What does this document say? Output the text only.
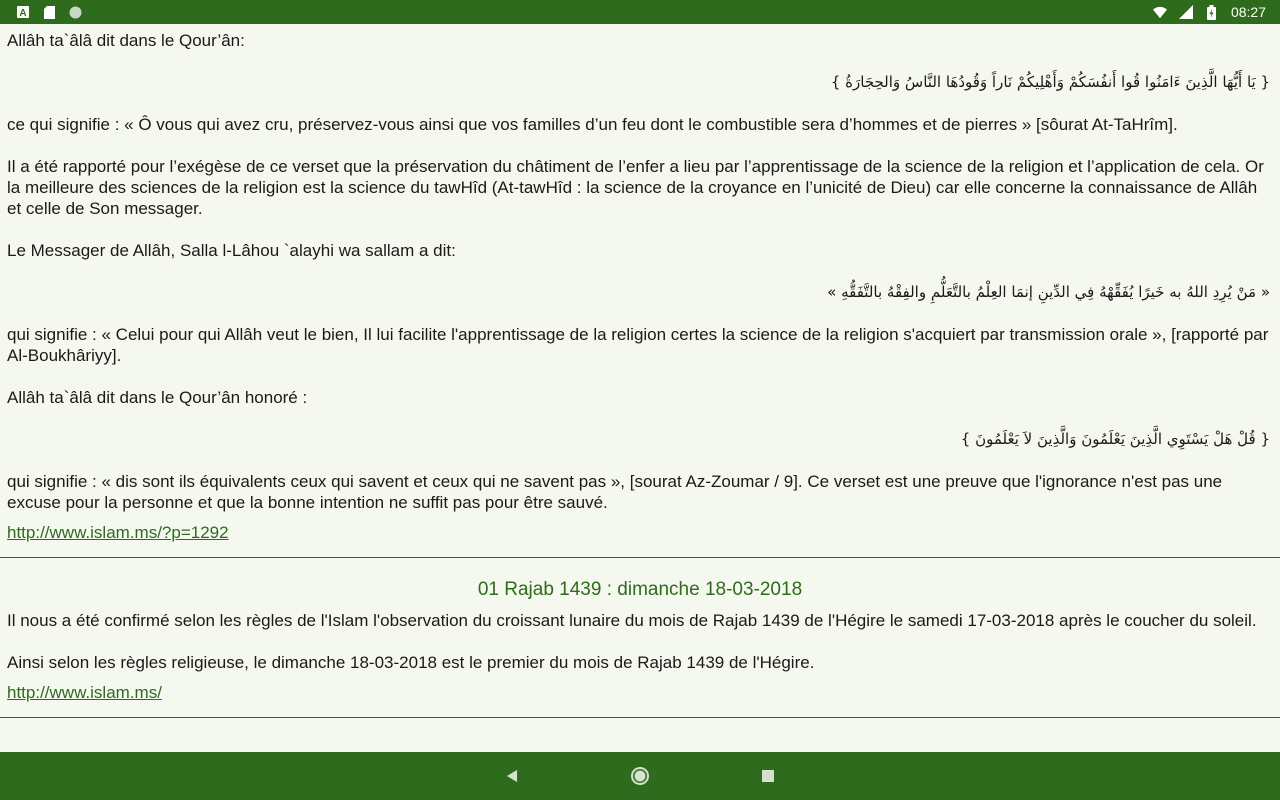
A	08:27

Allâh ta`âlâ dit dans le Qour’ân:

{ يَا أَيُّهَا الَّذِينَ ءَامَنُوا قُوا أَنفُسَكُمْ وَأَهْلِيكُمْ نَاراً وَقُودُهَا النَّاسُ وَالحِجَارَةُ }

ce qui signifie : « Ô vous qui avez cru, préservez-vous ainsi que vos familles d’un feu dont le combustible sera d’hommes et de pierres » [sôurat At-TaHrîm].

Il a été rapporté pour l’exégèse de ce verset que la préservation du châtiment de l’enfer a lieu par l’apprentissage de la science de la religion et l’application de cela. Or la meilleure des sciences de la religion est la science du tawHîd (At-tawHîd : la science de la croyance en l’unicité de Dieu) car elle concerne la connaissance de Allâh et celle de Son messager.

Le Messager de Allâh, Salla l-Lâhou `alayhi wa sallam a dit:

« مَنْ يُرِدِ اللهُ به خَيرًا يُفَقِّهْهُ فِي الدِّينِ إنمَا العِلْمُ بالتَّعَلُّمِ والفِقْهُ بالتَّفَقُّهِ »

qui signifie : « Celui pour qui Allâh veut le bien, Il lui facilite l'apprentissage de la religion certes la science de la religion s'acquiert par transmission orale », [rapporté par Al-Boukhâriyy].

Allâh ta`âlâ dit dans le Qour’ân honoré :

{ قُلْ هَلْ يَسْتَوِي الَّذِينَ يَعْلَمُونَ وَالَّذِينَ لاَ يَعْلَمُونَ }

qui signifie : « dis sont ils équivalents ceux qui savent et ceux qui ne savent pas », [sourat Az-Zoumar / 9]. Ce verset est une preuve que l'ignorance n'est pas une excuse pour la personne et que la bonne intention ne suffit pas pour être sauvé.

http://www.islam.ms/?p=1292

01 Rajab 1439 : dimanche 18-03-2018

Il nous a été confirmé selon les règles de l'Islam l'observation du croissant lunaire du mois de Rajab 1439 de l'Hégire le samedi 17-03-2018 après le coucher du soleil.

Ainsi selon les règles religieuse, le dimanche 18-03-2018 est le premier du mois de Rajab 1439 de l'Hégire.

http://www.islam.ms/
